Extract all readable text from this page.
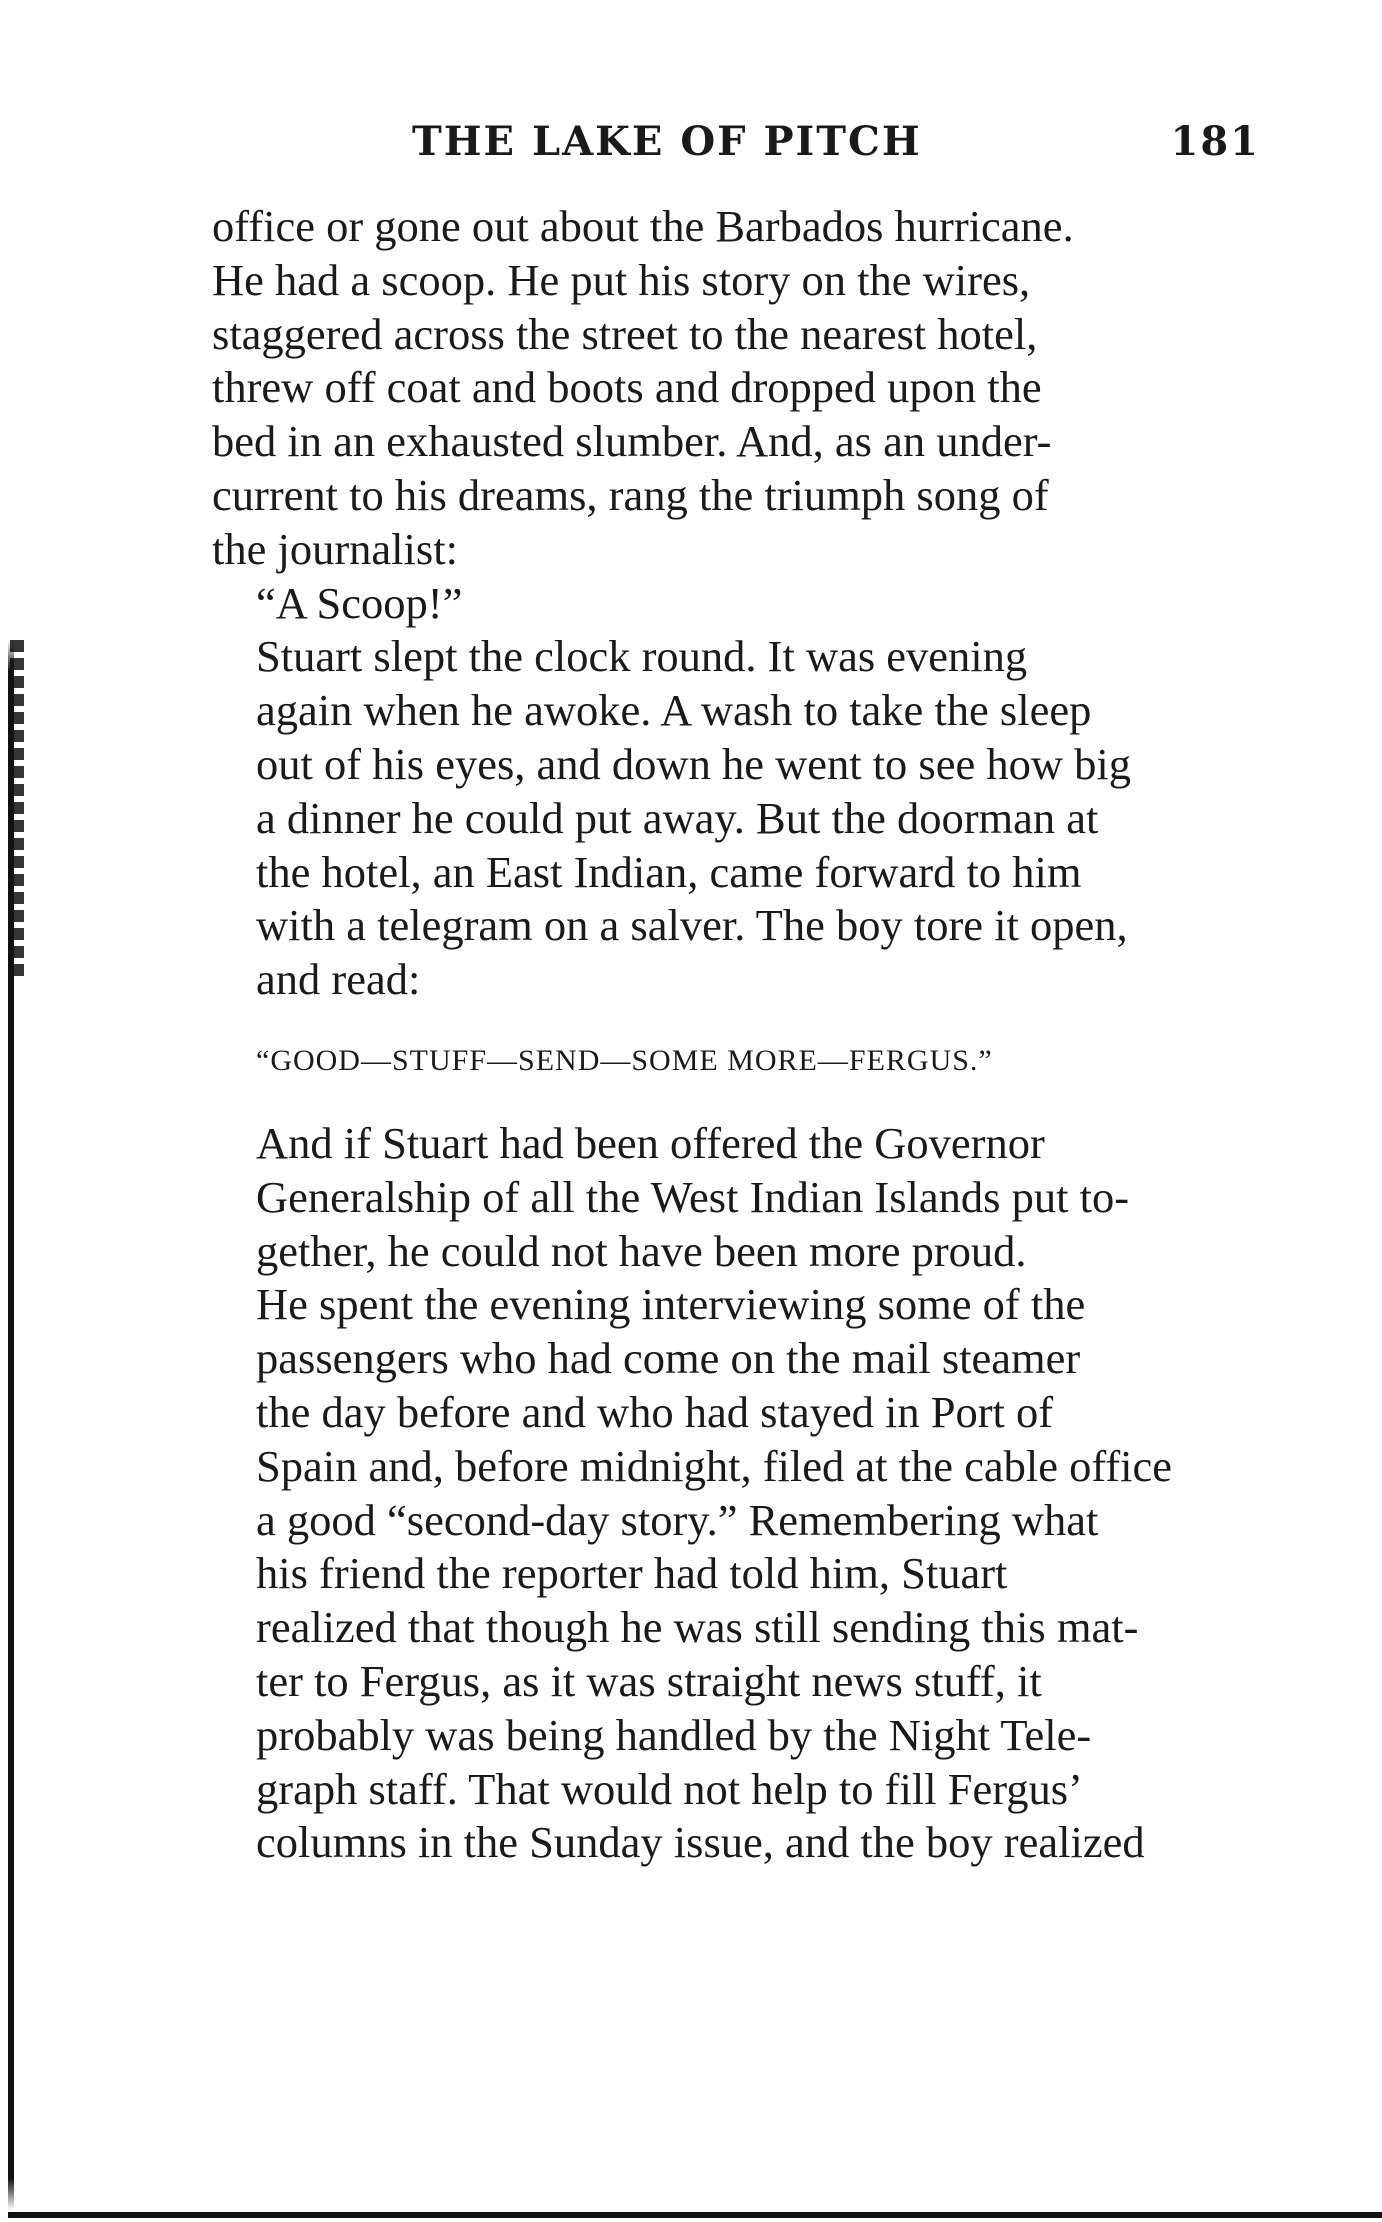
THE LAKE OF PITCH	181

office or gone out about the Barbados hurricane.
He had a scoop. He put his story on the wires,
staggered across the street to the nearest hotel,
threw off coat and boots and dropped upon the
bed in an exhausted slumber. And, as an under-
current to his dreams, rang the triumph song of
the journalist:

“A Scoop!”

Stuart slept the clock round. It was evening
again when he awoke. A wash to take the sleep
out of his eyes, and down he went to see how big
a dinner he could put away. But the doorman at
the hotel, an East Indian, came forward to him
with a telegram on a salver. The boy tore it open,
and read:

“GOOD—STUFF—SEND—SOME MORE—FERGUS.”

And if Stuart had been offered the Governor
Generalship of all the West Indian Islands put to-
gether, he could not have been more proud.

He spent the evening interviewing some of the
passengers who had come on the mail steamer
the day before and who had stayed in Port of
Spain and, before midnight, filed at the cable office
a good “second-day story.” Remembering what
his friend the reporter had told him, Stuart
realized that though he was still sending this mat-
ter to Fergus, as it was straight news stuff, it
probably was being handled by the Night Tele-
graph staff. That would not help to fill Fergus’
columns in the Sunday issue, and the boy realized
